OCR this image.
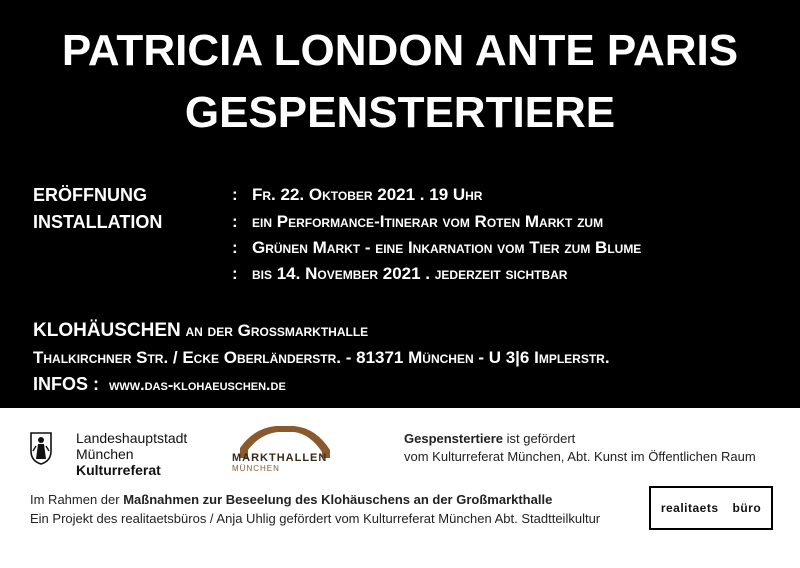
PATRICIA LONDON ANTE PARIS
GESPENSTERTIERE
ERÖFFNUNG	: Fr. 22. Oktober 2021 . 19 Uhr
INSTALLATION	: ein Performance-Itinerar vom Roten Markt zum
: Grünen Markt - eine Inkarnation vom Tier zum Blume
: bis 14. November 2021 . jederzeit sichtbar
KLOHÄUSCHEN an der Großmarkthalle
Thalkirchner Str. / Ecke Oberländerstr. - 81371 München - U 3|6 Implerstr.
INFOS :  www.das-klohaeuschen.de
Landeshauptstadt
München
Kulturreferat
MARKTHALLEN
MÜNCHEN
Gespenstertiere ist gefördert
vom Kulturreferat München, Abt. Kunst im Öffentlichen Raum
Im Rahmen der Maßnahmen zur Beseelung des Klohäuschens an der Großmarkthalle
Ein Projekt des realitaetsbüros / Anja Uhlig gefördert vom Kulturreferat München Abt. Stadtteilkultur
realitaets büro
